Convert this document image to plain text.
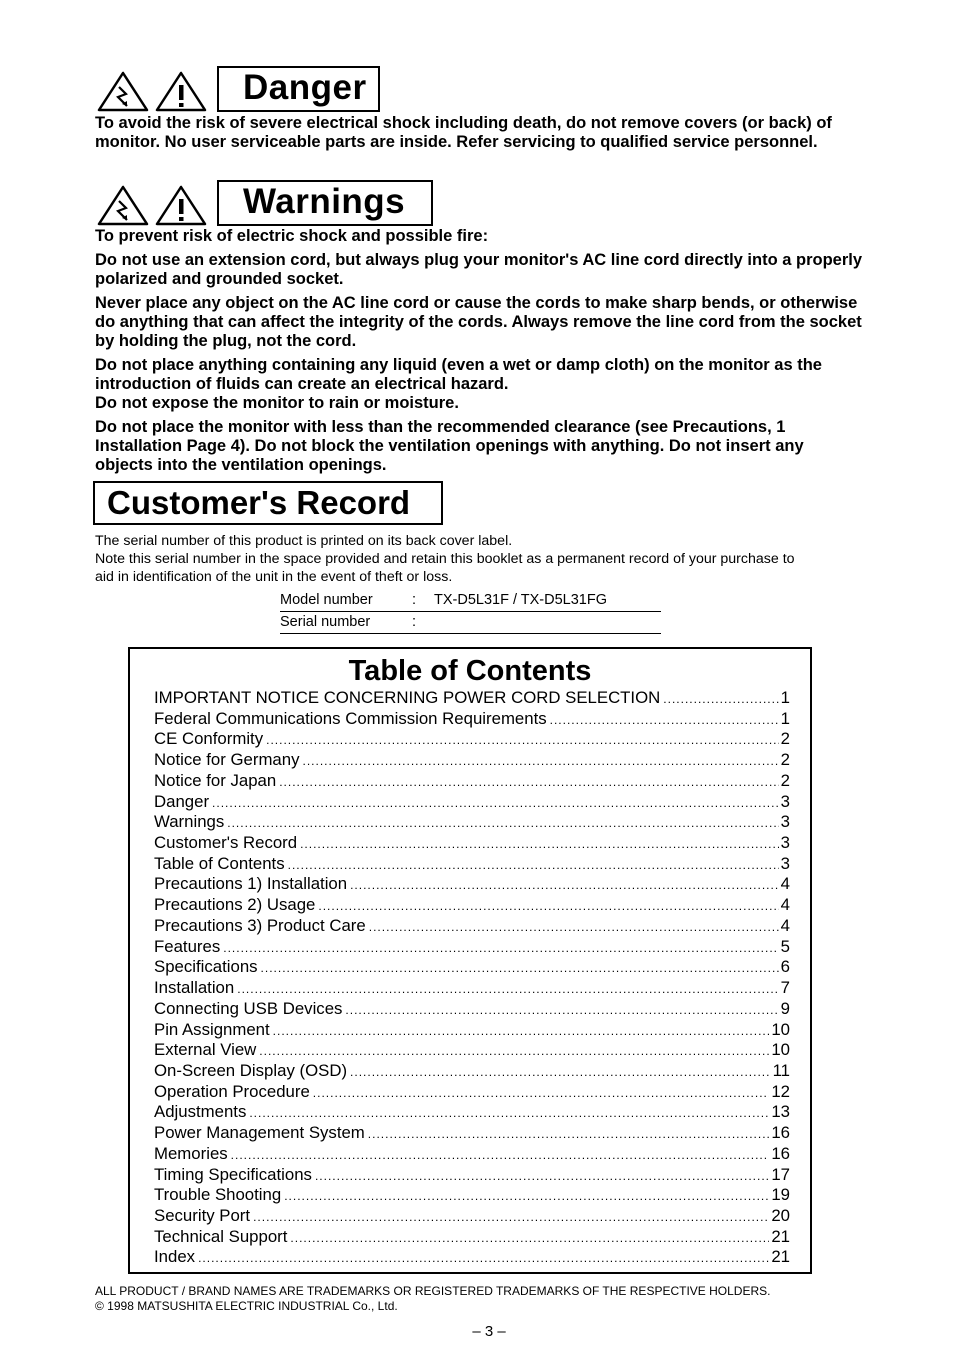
Danger

To avoid the risk of severe electrical shock including death, do not remove covers (or back) of monitor. No user serviceable parts are inside. Refer servicing to qualified service personnel.

Warnings

To prevent risk of electric shock and possible fire:

Do not use an extension cord, but always plug your monitor's AC line cord directly into a properly polarized and grounded socket.

Never place any object on the AC line cord or cause the cords to make sharp bends, or otherwise do anything that can affect the integrity of the cords. Always remove the line cord from the socket by holding the plug, not the cord.

Do not place anything containing any liquid (even a wet or damp cloth) on the monitor as the introduction of fluids can create an electrical hazard.

Do not expose the monitor to rain or moisture.

Do not place the monitor with less than the recommended clearance (see Precautions, 1 Installation Page 4). Do not block the ventilation openings with anything. Do not insert any objects into the ventilation openings.

Customer's Record

The serial number of this product is printed on its back cover label.

Note this serial number in the space provided and retain this booklet as a permanent record of your purchase to aid in identification of the unit in the event of theft or loss.

Model number	: TX-D5L31F / TX-D5L31FG
Serial number	:
Table of Contents
IMPORTANT NOTICE CONCERNING POWER CORD SELECTION .....	1
Federal Communications Commission Requirements .....	1
CE Conformity .....	2
Notice for Germany .....	2
Notice for Japan .....	2
Danger .....	3
Warnings .....	3
Customer's Record .....	3
Table of Contents .....	3
Precautions 1) Installation .....	4
Precautions 2) Usage .....	4
Precautions 3) Product Care .....	4
Features .....	5
Specifications .....	6
Installation .....	7
Connecting USB Devices .....	9
Pin Assignment .....	10
External View .....	10
On-Screen Display (OSD) .....	11
Operation Procedure .....	12
Adjustments .....	13
Power Management System .....	16
Memories .....	16
Timing Specifications .....	17
Trouble Shooting .....	19
Security Port .....	20
Technical Support .....	21
Index .....	21

ALL PRODUCT / BRAND NAMES ARE TRADEMARKS OR REGISTERED TRADEMARKS OF THE RESPECTIVE HOLDERS.

© 1998 MATSUSHITA ELECTRIC INDUSTRIAL Co., Ltd.

– 3 –
